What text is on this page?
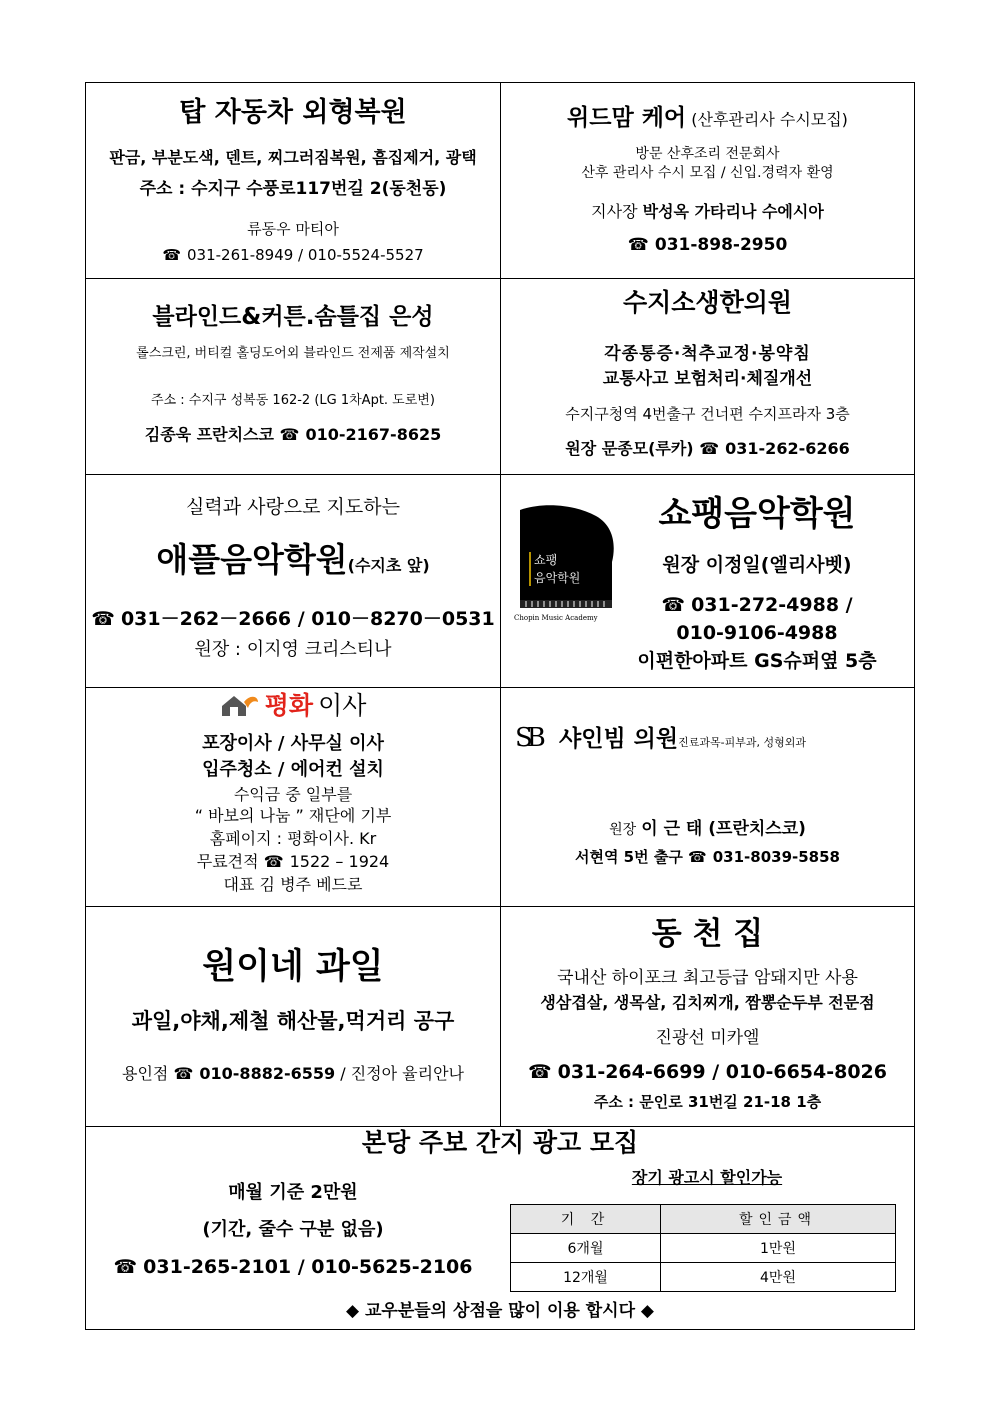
탑 자동차 외형복원
판금, 부분도색, 덴트, 찌그러짐복원, 흠집제거, 광택
주소 : 수지구 수풍로117번길 2(동천동)
류동우 마티아
☎ 031-261-8949 / 010-5524-5527
위드맘 케어 (산후관리사 수시모집)
방문 산후조리 전문회사
산후 관리사 수시 모집 / 신입.경력자 환영
지사장 박성옥 가타리나 수에시아
☎ 031-898-2950
블라인드&커튼.솜틀집 은성
롤스크린, 버티컬 홀딩도어외 블라인드 전제품 제작설치
주소 : 수지구 성복동 162-2 (LG 1차Apt. 도로변)
김종욱 프란치스코 ☎ 010-2167-8625
수지소생한의원
각종통증·척추교정·봉약침
교통사고 보험처리·체질개선
수지구청역 4번출구 건너편 수지프라자 3층
원장 문종모(루카) ☎ 031-262-6266
실력과 사랑으로 지도하는
애플음악학원(수지초 앞)
☎ 031－262－2666 / 010－8270－0531
원장 : 이지영 크리스티나
쇼팽
음악학원
Chopin Music Academy
쇼팽음악학원
원장 이정일(엘리사벳)
☎ 031-272-4988 /
010-9106-4988
이편한아파트 GS슈퍼옆 5층
평화 이사
포장이사 / 사무실 이사
입주청소 / 에어컨 설치
수익금 중 일부를
“ 바보의 나눔 ” 재단에 기부
홈페이지 : 평화이사. Kr
무료견적 ☎ 1522 – 1924
대표 김 병주 베드로
SB 샤인빔 의원진료과목-피부과, 성형외과
원장 이 근 태 (프란치스코)
서현역 5번 출구 ☎ 031-8039-5858
원이네 과일
과일,야채,제철 해산물,먹거리 공구
용인점 ☎ 010-8882-6559 / 진정아 율리안나
동 천 집
국내산 하이포크 최고등급 암돼지만 사용
생삼겹살, 생목살, 김치찌개, 짬뽕순두부 전문점
진광선 미카엘
☎ 031-264-6699 / 010-6654-8026
주소 : 문인로 31번길 21-18 1층
본당 주보 간지 광고 모집
매월 기준 2만원
(기간, 줄수 구분 없음)
☎ 031-265-2101 / 010-5625-2106
장기 광고시 할인가능
◆ 교우분들의 상점을 많이 이용 합시다 ◆
기 간	할인금액
6개월	1만원
12개월	4만원
